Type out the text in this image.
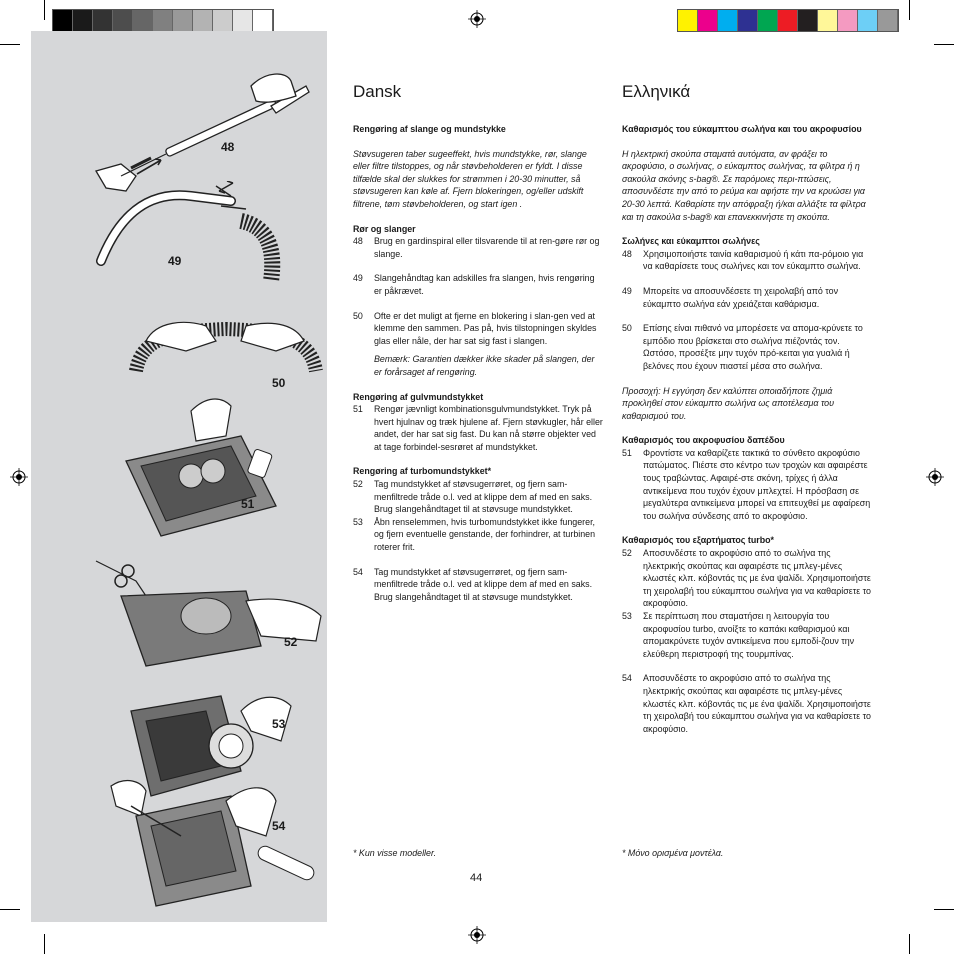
48
49
50
51
52
53
54
Dansk
Rengøring af slange og mundstykke
Støvsugeren taber sugeeffekt, hvis mundstykke, rør, slange eller filtre tilstoppes, og når støvbeholderen er fyldt. I disse tilfælde skal der slukkes for strømmen i 20-30 minutter, så støvsugeren kan køle af. Fjern blokeringen, og/eller udskift filtrene, tøm støvbeholderen, og start igen .
Rør og slanger
48	Brug en gardinspiral eller tilsvarende til at ren-gøre rør og slange.
49	Slangehåndtag kan adskilles fra slangen, hvis rengøring er påkrævet.
50	Ofte er det muligt at fjerne en blokering i slan-gen ved at klemme den sammen. Pas på, hvis tilstopningen skyldes glas eller nåle, der har sat sig fast i slangen.
Bemærk: Garantien dækker ikke skader på slangen, der er forårsaget af rengøring.
Rengøring af gulvmundstykket
51	Rengør jævnligt kombinationsgulvmundstykket. Tryk på hvert hjulnav og træk hjulene af. Fjern støvkugler, hår eller andet, der har sat sig fast. Du kan nå større objekter ved at tage forbindel-sesrøret af mundstykket.
Rengøring af turbomundstykket*
52	Tag mundstykket af støvsugerrøret, og fjern sam-menfiltrede tråde o.l. ved at klippe dem af med en saks. Brug slangehåndtaget til at støvsuge mundstykket.
53	Åbn renselemmen, hvis turbomundstykket ikke fungerer, og fjern eventuelle genstande, der forhindrer, at turbinen roterer frit.
54	Tag mundstykket af støvsugerrøret, og fjern sam-menfiltrede tråde o.l. ved at klippe dem af med en saks. Brug slangehåndtaget til at støvsuge mundstykket.
* Kun visse modeller.
Ελληνικά
Καθαρισμός του εύκαμπτου σωλήνα και του ακροφυσίου
Η ηλεκτρική σκούπα σταματά αυτόματα, αν φράξει το ακροφύσιο, ο σωλήνας, ο εύκαμπτος σωλήνας, τα φίλτρα ή η σακούλα σκόνης s-bag®. Σε παρόμοιες περι-πτώσεις, αποσυνδέστε την από το ρεύμα και αφήστε την να κρυώσει για 20-30 λεπτά. Καθαρίστε την απόφραξη ή/και αλλάξτε τα φίλτρα και τη σακούλα s-bag® και επανεκκινήστε τη σκούπα.
Σωλήνες και εύκαμπτοι σωλήνες
48	Χρησιμοποιήστε ταινία καθαρισμού ή κάτι πα-ρόμοιο για να καθαρίσετε τους σωλήνες και τον εύκαμπτο σωλήνα.
49	Μπορείτε να αποσυνδέσετε τη χειρολαβή από τον εύκαμπτο σωλήνα εάν χρειάζεται καθάρισμα.
50	Επίσης είναι πιθανό να μπορέσετε να απομα-κρύνετε το εμπόδιο που βρίσκεται στο σωλήνα πιέζοντάς τον. Ωστόσο, προσέξτε μην τυχόν πρό-κειται για γυαλιά ή βελόνες που έχουν πιαστεί μέσα στο σωλήνα.
Προσοχή: Η εγγύηση δεν καλύπτει οποιαδήποτε ζημιά προκληθεί στον εύκαμπτο σωλήνα ως αποτέλεσμα του καθαρισμού του.
Καθαρισμός του ακροφυσίου δαπέδου
51	Φροντίστε να καθαρίζετε τακτικά το σύνθετο ακροφύσιο πατώματος. Πιέστε στο κέντρο των τροχών και αφαιρέστε τους τραβώντας. Αφαιρέ-στε σκόνη, τρίχες ή άλλα αντικείμενα που τυχόν έχουν μπλεχτεί. Η πρόσβαση σε μεγαλύτερα αντικείμενα μπορεί να επιτευχθεί με αφαίρεση του σωλήνα σύνδεσης από το ακροφύσιο.
Καθαρισμός του εξαρτήματος turbo*
52	Αποσυνδέστε το ακροφύσιο από το σωλήνα της ηλεκτρικής σκούπας και αφαιρέστε τις μπλεγ-μένες κλωστές κλπ. κόβοντάς τις με ένα ψαλίδι. Χρησιμοποιήστε τη χειρολαβή του εύκαμπτου σωλήνα για να καθαρίσετε το ακροφύσιο.
53	Σε περίπτωση που σταματήσει η λειτουργία του ακροφυσίου turbo, ανοίξτε το καπάκι καθαρισμού και απομακρύνετε τυχόν αντικείμενα που εμποδί-ζουν την ελεύθερη περιστροφή της τουρμπίνας.
54	Αποσυνδέστε το ακροφύσιο από το σωλήνα της ηλεκτρικής σκούπας και αφαιρέστε τις μπλεγ-μένες κλωστές κλπ. κόβοντάς τις με ένα ψαλίδι. Χρησιμοποιήστε τη χειρολαβή του εύκαμπτου σωλήνα για να καθαρίσετε το ακροφύσιο.
* Μόνο ορισμένα μοντέλα.
44
